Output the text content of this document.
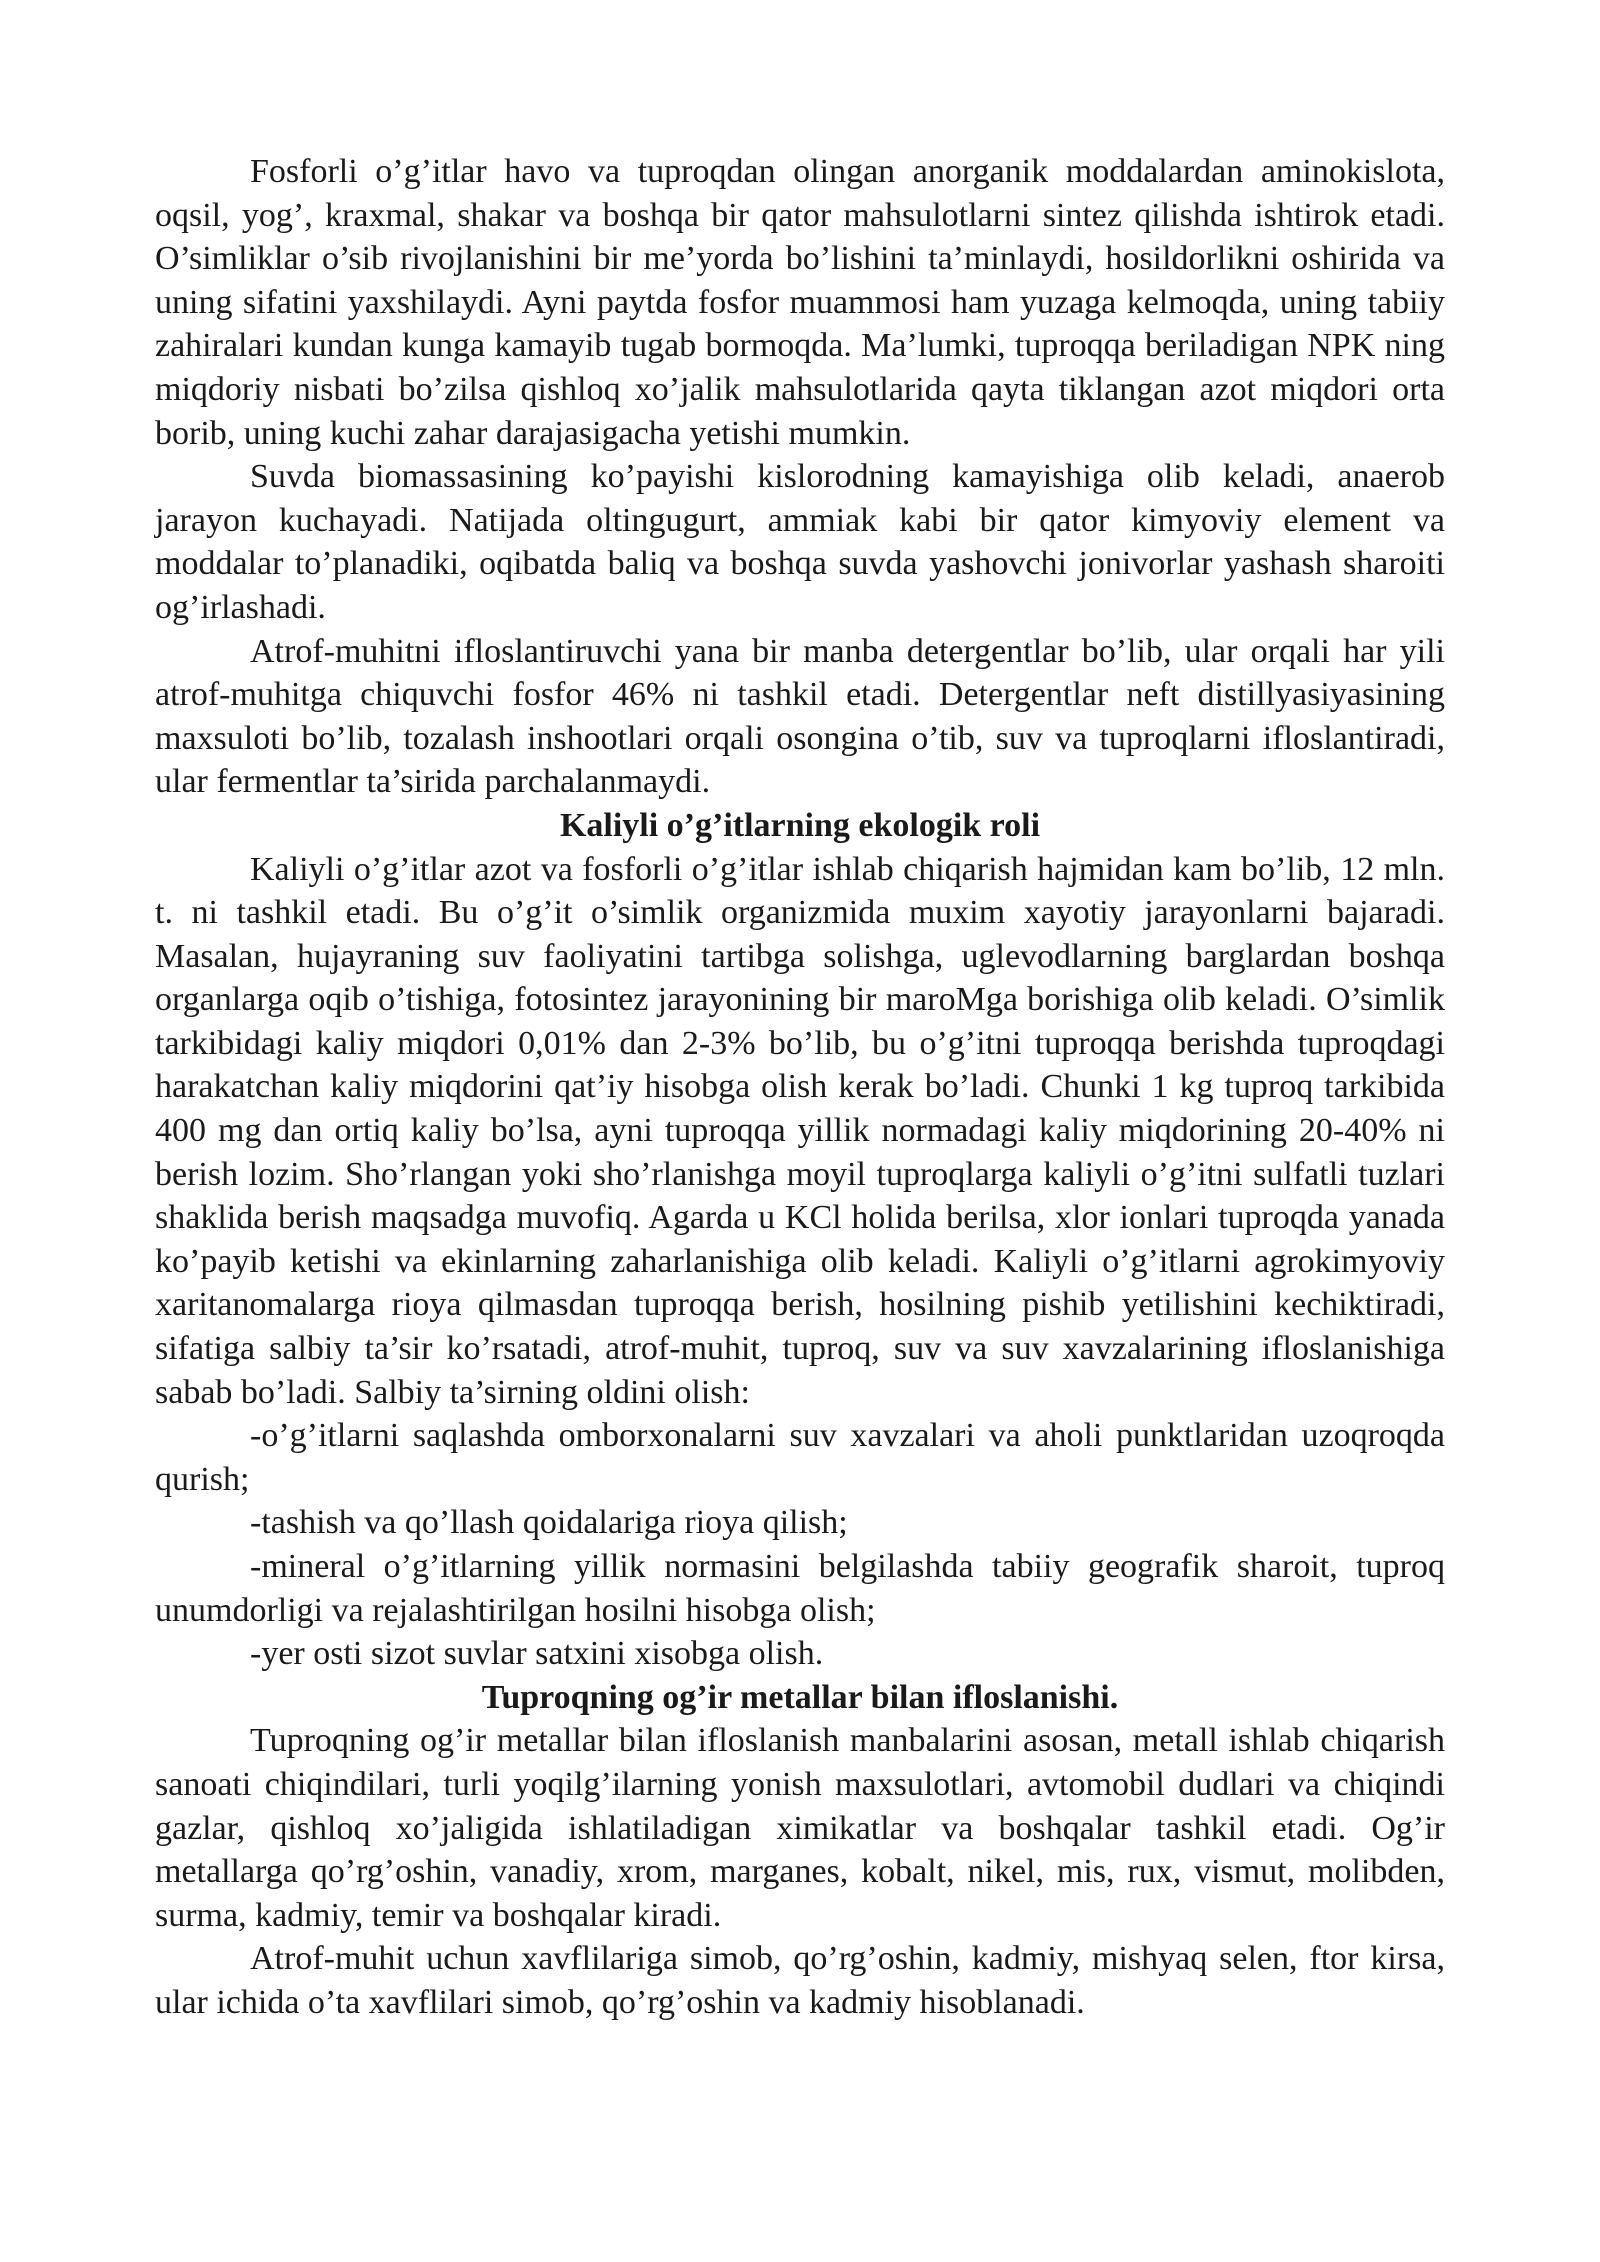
Fosforli o’g’itlar havo va tuproqdan olingan anorganik moddalardan aminokislota, oqsil, yog’, kraxmal, shakar va boshqa bir qator mahsulotlarni sintez qilishda ishtirok etadi. O’simliklar o’sib rivojlanishini bir me’yorda bo’lishini ta’minlaydi, hosildorlikni oshirida va uning sifatini yaxshilaydi. Ayni paytda fosfor muammosi ham yuzaga kelmoqda, uning tabiiy zahiralari kundan kunga kamayib tugab bormoqda. Ma’lumki, tuproqqa beriladigan NPK ning miqdoriy nisbati bo’zilsa qishloq xo’jalik mahsulotlarida qayta tiklangan azot miqdori orta borib, uning kuchi zahar darajasigacha yetishi mumkin.

Suvda biomassasining ko’payishi kislorodning kamayishiga olib keladi, anaerob jarayon kuchayadi. Natijada oltingugurt, ammiak kabi bir qator kimyoviy element va moddalar to’planadiki, oqibatda baliq va boshqa suvda yashovchi jonivorlar yashash sharoiti og’irlashadi.

Atrof-muhitni ifloslantiruvchi yana bir manba detergentlar bo’lib, ular orqali har yili atrof-muhitga chiquvchi fosfor 46% ni tashkil etadi. Detergentlar neft distillyasiyasining maxsuloti bo’lib, tozalash inshootlari orqali osongina o’tib, suv va tuproqlarni ifloslantiradi, ular fermentlar ta’sirida parchalanmaydi.

Kaliyli o’g’itlarning ekologik roli

Kaliyli o’g’itlar azot va fosforli o’g’itlar ishlab chiqarish hajmidan kam bo’lib, 12 mln. t. ni tashkil etadi. Bu o’g’it o’simlik organizmida muxim xayotiy jarayonlarni bajaradi. Masalan, hujayraning suv faoliyatini tartibga solishga, uglevodlarning barglardan boshqa organlarga oqib o’tishiga, fotosintez jarayonining bir maroMga borishiga olib keladi. O’simlik tarkibidagi kaliy miqdori 0,01% dan 2-3% bo’lib, bu o’g’itni tuproqqa berishda tuproqdagi harakatchan kaliy miqdorini qat’iy hisobga olish kerak bo’ladi. Chunki 1 kg tuproq tarkibida 400 mg dan ortiq kaliy bo’lsa, ayni tuproqqa yillik normadagi kaliy miqdorining 20-40% ni berish lozim. Sho’rlangan yoki sho’rlanishga moyil tuproqlarga kaliyli o’g’itni sulfatli tuzlari shaklida berish maqsadga muvofiq. Agarda u KCl holida berilsa, xlor ionlari tuproqda yanada ko’payib ketishi va ekinlarning zaharlanishiga olib keladi. Kaliyli o’g’itlarni agrokimyoviy xaritanomalarga rioya qilmasdan tuproqqa berish, hosilning pishib yetilishini kechiktiradi, sifatiga salbiy ta’sir ko’rsatadi, atrof-muhit, tuproq, suv va suv xavzalarining ifloslanishiga sabab bo’ladi. Salbiy ta’sirning oldini olish:

-o’g’itlarni saqlashda omborxonalarni suv xavzalari va aholi punktlaridan uzoqroqda qurish;

-tashish va qo’llash qoidalariga rioya qilish;

-mineral o’g’itlarning yillik normasini belgilashda tabiiy geografik sharoit, tuproq unumdorligi va rejalashtirilgan hosilni hisobga olish;

-yer osti sizot suvlar satxini xisobga olish.

Tuproqning og’ir metallar bilan ifloslanishi.

Tuproqning og’ir metallar bilan ifloslanish manbalarini asosan, metall ishlab chiqarish sanoati chiqindilari, turli yoqilg’ilarning yonish maxsulotlari, avtomobil dudlari va chiqindi gazlar, qishloq xo’jaligida ishlatiladigan ximikatlar va boshqalar tashkil etadi. Og’ir metallarga qo’rg’oshin, vanadiy, xrom, marganes, kobalt, nikel, mis, rux, vismut, molibden, surma, kadmiy, temir va boshqalar kiradi.

Atrof-muhit uchun xavflilariga simob, qo’rg’oshin, kadmiy, mishyaq selen, ftor kirsa, ular ichida o’ta xavflilari simob, qo’rg’oshin va kadmiy hisoblanadi.
